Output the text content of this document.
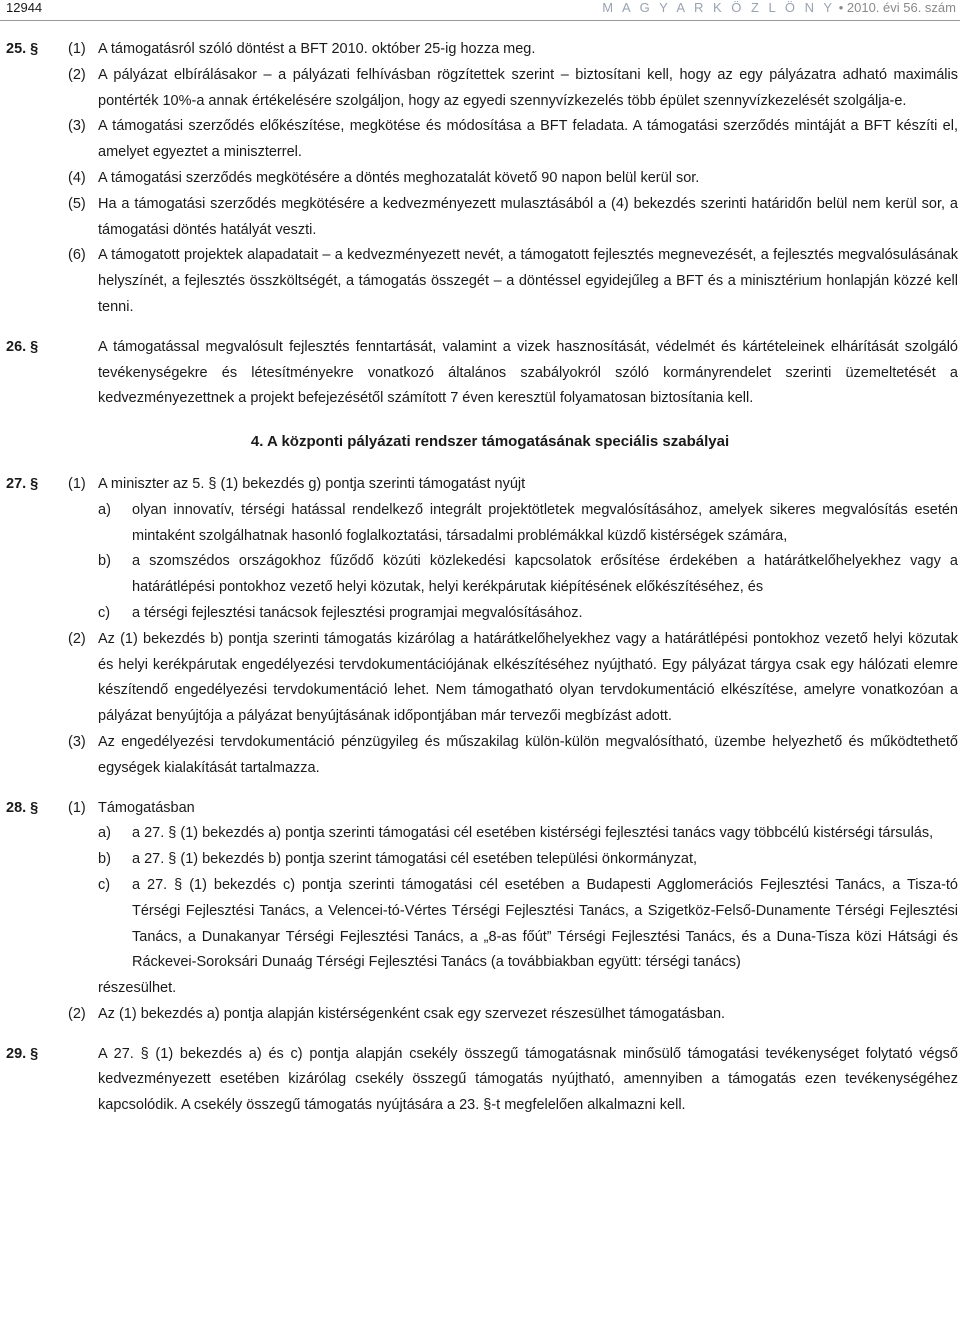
12944	M A G Y A R K Ö Z L Ö N Y • 2010. évi 56. szám
25. § (1) A támogatásról szóló döntést a BFT 2010. október 25-ig hozza meg.
(2) A pályázat elbírálásakor – a pályázati felhívásban rögzítettek szerint – biztosítani kell, hogy az egy pályázatra adható maximális pontérték 10%-a annak értékelésére szolgáljon, hogy az egyedi szennyvízkezelés több épület szennyvízkezelését szolgálja-e.
(3) A támogatási szerződés előkészítése, megkötése és módosítása a BFT feladata. A támogatási szerződés mintáját a BFT készíti el, amelyet egyeztet a miniszterrel.
(4) A támogatási szerződés megkötésére a döntés meghozatalát követő 90 napon belül kerül sor.
(5) Ha a támogatási szerződés megkötésére a kedvezményezett mulasztásából a (4) bekezdés szerinti határidőn belül nem kerül sor, a támogatási döntés hatályát veszti.
(6) A támogatott projektek alapadatait – a kedvezményezett nevét, a támogatott fejlesztés megnevezését, a fejlesztés megvalósulásának helyszínét, a fejlesztés összköltségét, a támogatás összegét – a döntéssel egyidejűleg a BFT és a minisztérium honlapján közzé kell tenni.
26. §	A támogatással megvalósult fejlesztés fenntartását, valamint a vizek hasznosítását, védelmét és kártételeinek elhárítását szolgáló tevékenységekre és létesítményekre vonatkozó általános szabályokról szóló kormányrendelet szerinti üzemeltetését a kedvezményezettnek a projekt befejezésétől számított 7 éven keresztül folyamatosan biztosítania kell.
4. A központi pályázati rendszer támogatásának speciális szabályai
27. § (1) A miniszter az 5. § (1) bekezdés g) pontja szerinti támogatást nyújt
a) olyan innovatív, térségi hatással rendelkező integrált projektötletek megvalósításához, amelyek sikeres megvalósítás esetén mintaként szolgálhatnak hasonló foglalkoztatási, társadalmi problémákkal küzdő kistérségek számára,
b) a szomszédos országokhoz fűződő közúti közlekedési kapcsolatok erősítése érdekében a határátkelőhelyekhez vagy a határátlépési pontokhoz vezető helyi közutak, helyi kerékpárutak kiépítésének előkészítéséhez, és
c) a térségi fejlesztési tanácsok fejlesztési programjai megvalósításához.
(2) Az (1) bekezdés b) pontja szerinti támogatás kizárólag a határátkelőhelyekhez vagy a határátlépési pontokhoz vezető helyi közutak és helyi kerékpárutak engedélyezési tervdokumentációjának elkészítéséhez nyújtható. Egy pályázat tárgya csak egy hálózati elemre készítendő engedélyezési tervdokumentáció lehet. Nem támogatható olyan tervdokumentáció elkészítése, amelyre vonatkozóan a pályázat benyújtója a pályázat benyújtásának időpontjában már tervezői megbízást adott.
(3) Az engedélyezési tervdokumentáció pénzügyileg és műszakilag külön-külön megvalósítható, üzembe helyezhető és működtethető egységek kialakítását tartalmazza.
28. § (1) Támogatásban
a) a 27. § (1) bekezdés a) pontja szerinti támogatási cél esetében kistérségi fejlesztési tanács vagy többcélú kistérségi társulás,
b) a 27. § (1) bekezdés b) pontja szerint támogatási cél esetében települési önkormányzat,
c) a 27. § (1) bekezdés c) pontja szerinti támogatási cél esetében a Budapesti Agglomerációs Fejlesztési Tanács, a Tisza-tó Térségi Fejlesztési Tanács, a Velencei-tó-Vértes Térségi Fejlesztési Tanács, a Szigetköz-Felső-Dunamente Térségi Fejlesztési Tanács, a Dunakanyar Térségi Fejlesztési Tanács, a „8-as főút” Térségi Fejlesztési Tanács, és a Duna-Tisza közi Hátsági és Ráckevei-Soroksári Dunaág Térségi Fejlesztési Tanács (a továbbiakban együtt: térségi tanács)
részesülhet.
(2) Az (1) bekezdés a) pontja alapján kistérségenként csak egy szervezet részesülhet támogatásban.
29. §	A 27. § (1) bekezdés a) és c) pontja alapján csekély összegű támogatásnak minősülő támogatási tevékenységet folytató végső kedvezményezett esetében kizárólag csekély összegű támogatás nyújtható, amennyiben a támogatás ezen tevékenységéhez kapcsolódik. A csekély összegű támogatás nyújtására a 23. §-t megfelelően alkalmazni kell.
